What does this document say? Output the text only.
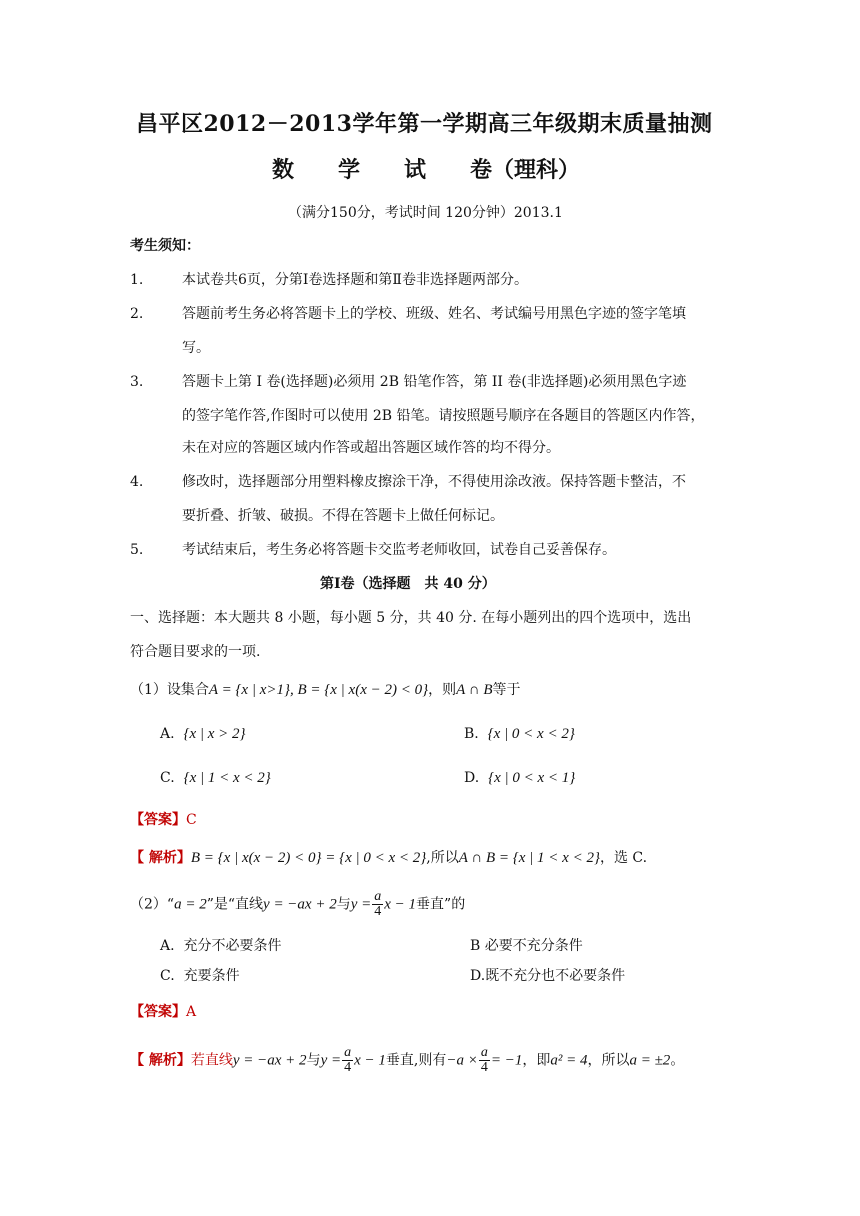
昌平区2012－2013学年第一学期高三年级期末质量抽测
数 学 试 卷（理科）
（满分150分，考试时间 120分钟）2013.1
考生须知：
1.	本试卷共6页，分第Ⅰ卷选择题和第Ⅱ卷非选择题两部分。
2.	答题前考生务必将答题卡上的学校、班级、姓名、考试编号用黑色字迹的签字笔填
写。
3.	答题卡上第 I 卷(选择题)必须用 2B 铅笔作答，第 II 卷(非选择题)必须用黑色字迹
的签字笔作答,作图时可以使用 2B 铅笔。请按照题号顺序在各题目的答题区内作答，
未在对应的答题区域内作答或超出答题区域作答的均不得分。
4.	修改时，选择题部分用塑料橡皮擦涂干净，不得使用涂改液。保持答题卡整洁，不
要折叠、折皱、破损。不得在答题卡上做任何标记。
5.	考试结束后，考生务必将答题卡交监考老师收回，试卷自己妥善保存。
第Ⅰ卷（选择题　共 40 分）
一、选择题：本大题共 8 小题，每小题 5 分，共 40 分. 在每小题列出的四个选项中，选出
符合题目要求的一项.
（1）设集合A = {x | x>1}, B = {x | x(x − 2) < 0}，则A ∩ B等于
A. {x | x > 2}	B. {x | 0 < x < 2}
C. {x | 1 < x < 2}	D. {x | 0 < x < 1}
【答案】C
【 解析】B = {x | x(x − 2) < 0} = {x | 0 < x < 2},所以A ∩ B = {x | 1 < x < 2}，选 C.
（2）“a = 2”是“直线y = −ax + 2与$y = \frac{a}{4}$ x − 1垂直”的
A. 充分不必要条件	B 必要不充分条件
C. 充要条件	D.既不充分也不必要条件
【答案】A
【 解析】若直线y = −ax + 2与$y = \frac{a}{4}$ x − 1垂直,则有$-a \times \frac{a}{4} = -1$，即a² = 4，所以a = ±2。
